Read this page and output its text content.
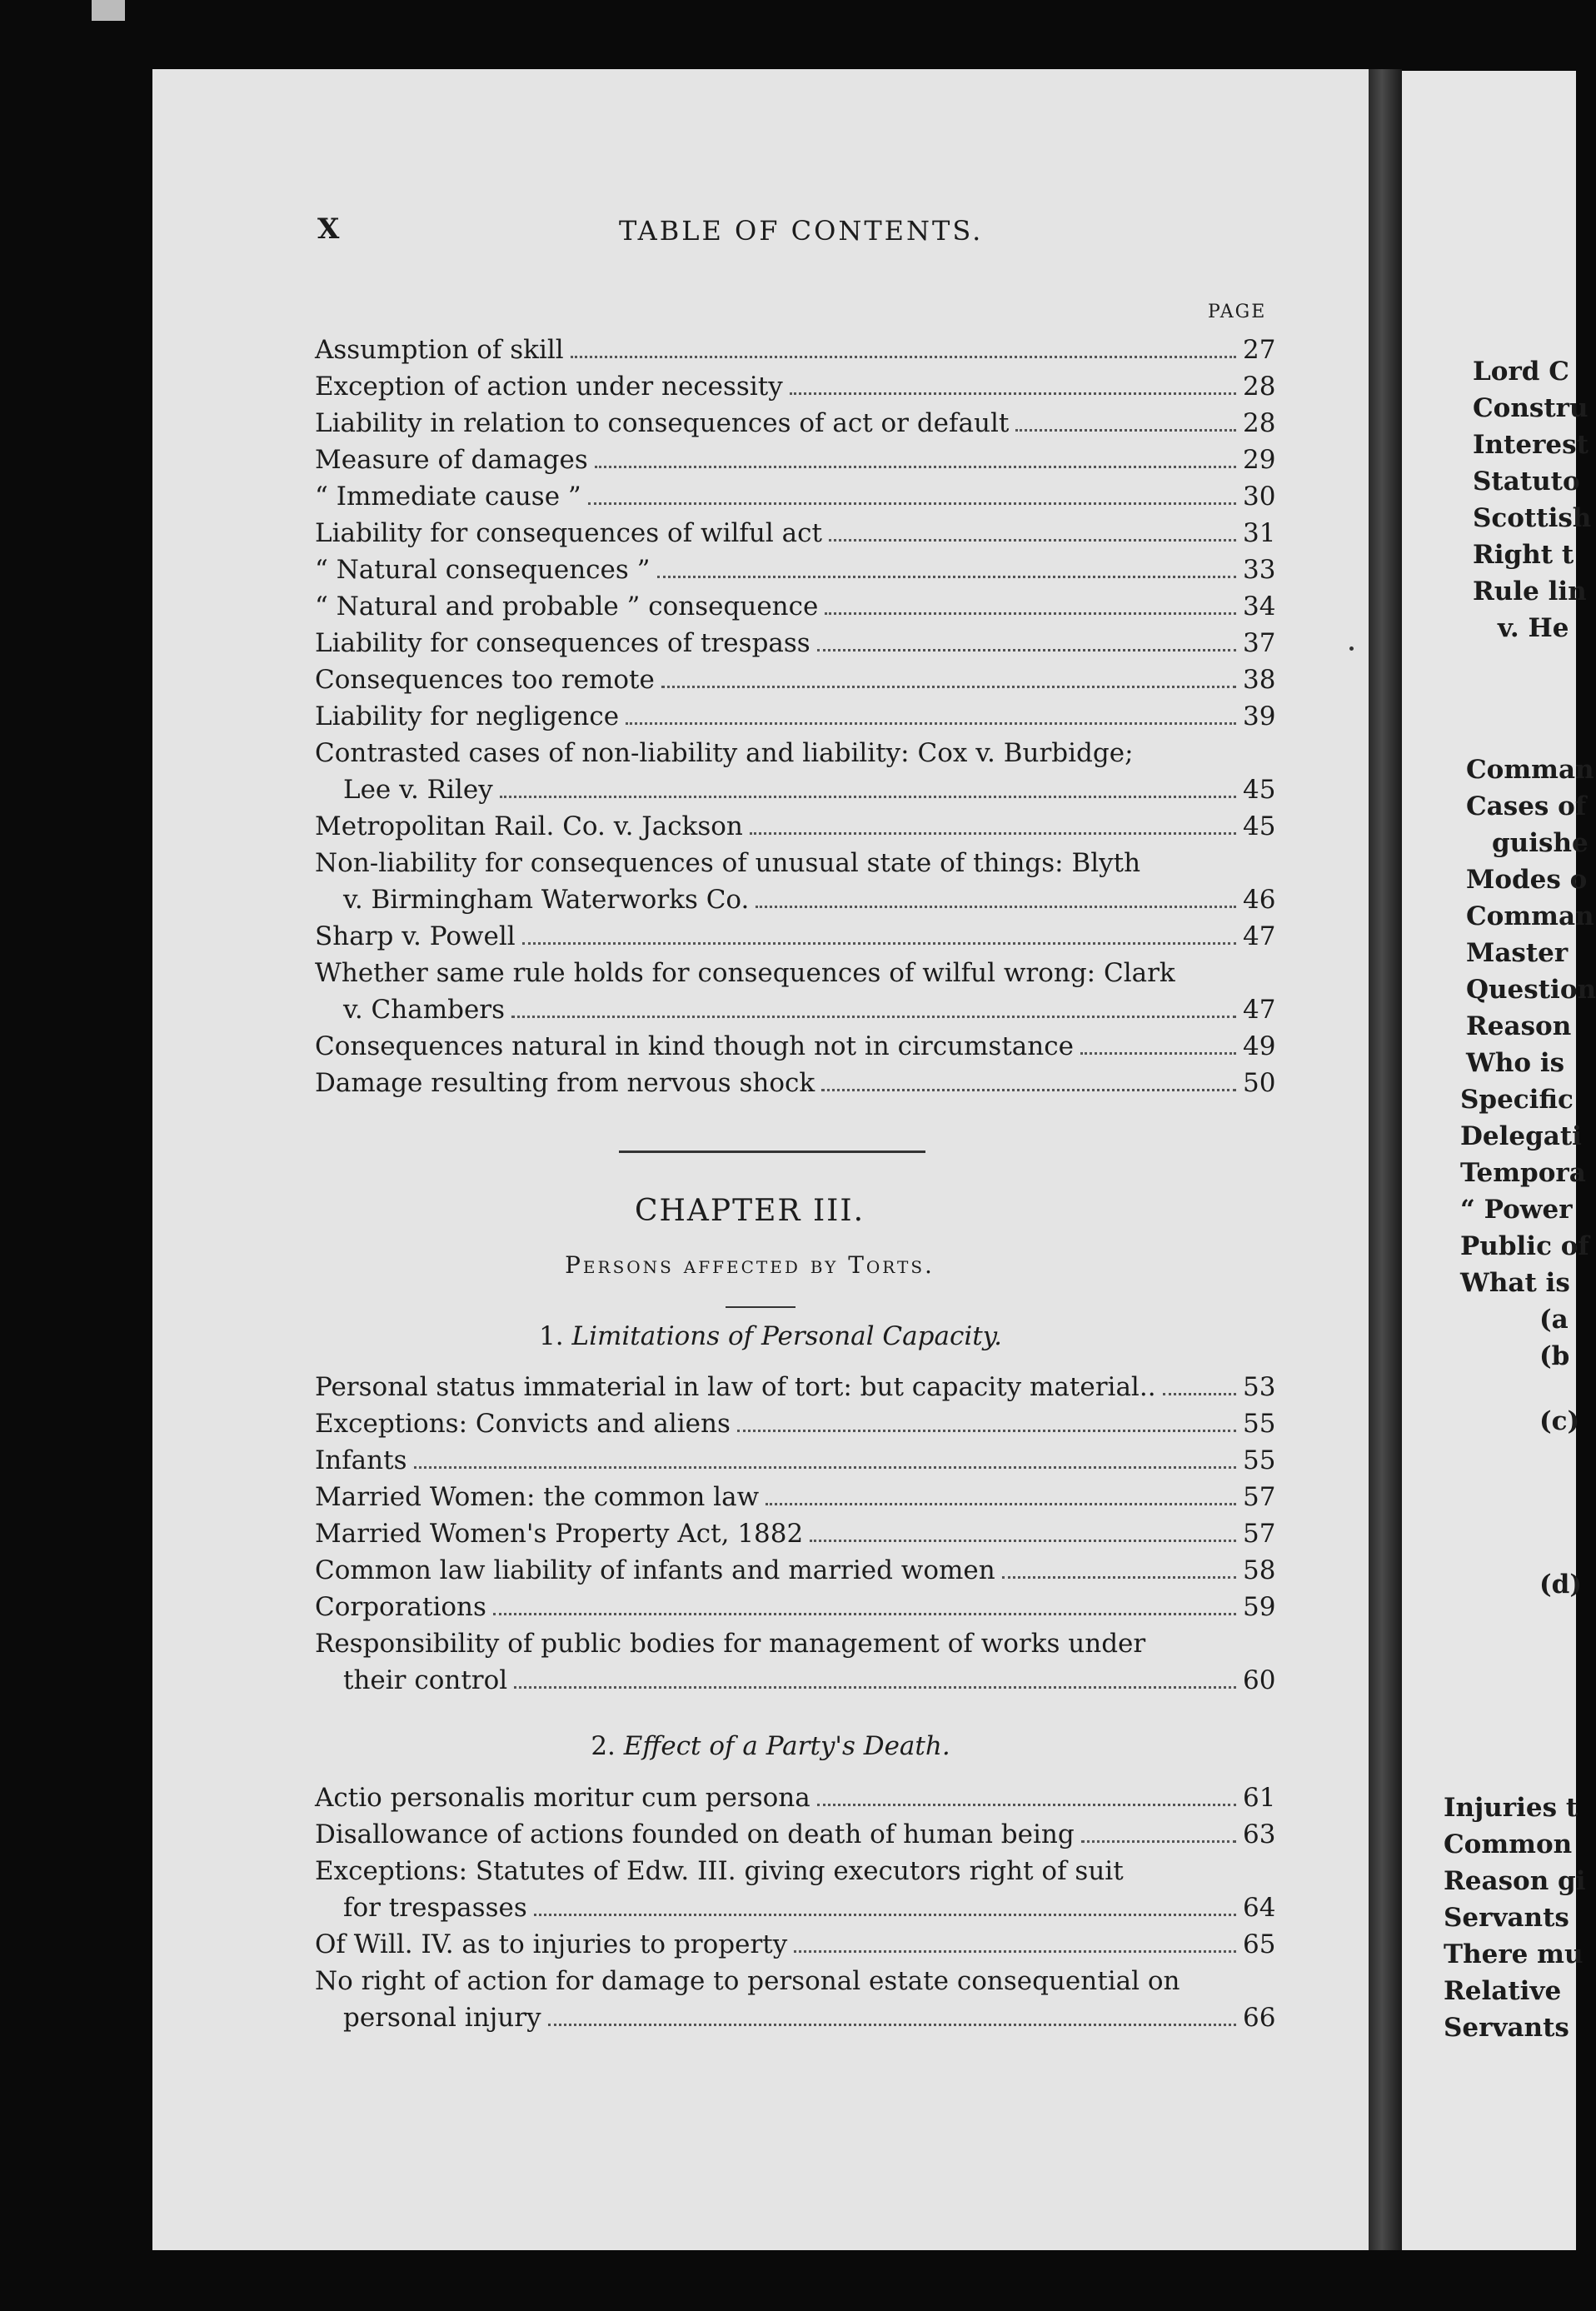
Lord C
Constru
Interest
Statuto
Scottish
Right t
Rule lin
v. He
Comman
Cases of
guishe
Modes o
Comman
Master
Question
Reason
Who is
Specific
Delegati
Tempora
“ Power
Public of
What is
(a
(b
(c)
(d)
Injuries t
Common
Reason gi
Servants
There mu
Relative
Servants
X	TABLE OF CONTENTS.
PAGE
Assumption of skill	27
Exception of action under necessity	28
Liability in relation to consequences of act or default	28
Measure of damages	29
“ Immediate cause ”	30
Liability for consequences of wilful act	31
“ Natural consequences ”	33
“ Natural and probable ” consequence	34
Liability for consequences of trespass	37
Consequences too remote	38
Liability for negligence	39
Contrasted cases of non-liability and liability: Cox v. Burbidge;
Lee v. Riley	45
Metropolitan Rail. Co. v. Jackson	45
Non-liability for consequences of unusual state of things: Blyth
v. Birmingham Waterworks Co.	46
Sharp v. Powell	47
Whether same rule holds for consequences of wilful wrong: Clark
v. Chambers	47
Consequences natural in kind though not in circumstance	49
Damage resulting from nervous shock	50
CHAPTER III.
Persons affected by Torts.
1. Limitations of Personal Capacity.
Personal status immaterial in law of tort: but capacity material..	53
Exceptions: Convicts and aliens	55
Infants	55
Married Women: the common law	57
Married Women's Property Act, 1882	57
Common law liability of infants and married women	58
Corporations	59
Responsibility of public bodies for management of works under
their control	60
2. Effect of a Party's Death.
Actio personalis moritur cum persona	61
Disallowance of actions founded on death of human being	63
Exceptions: Statutes of Edw. III. giving executors right of suit
for trespasses	64
Of Will. IV. as to injuries to property	65
No right of action for damage to personal estate consequential on
personal injury	66
